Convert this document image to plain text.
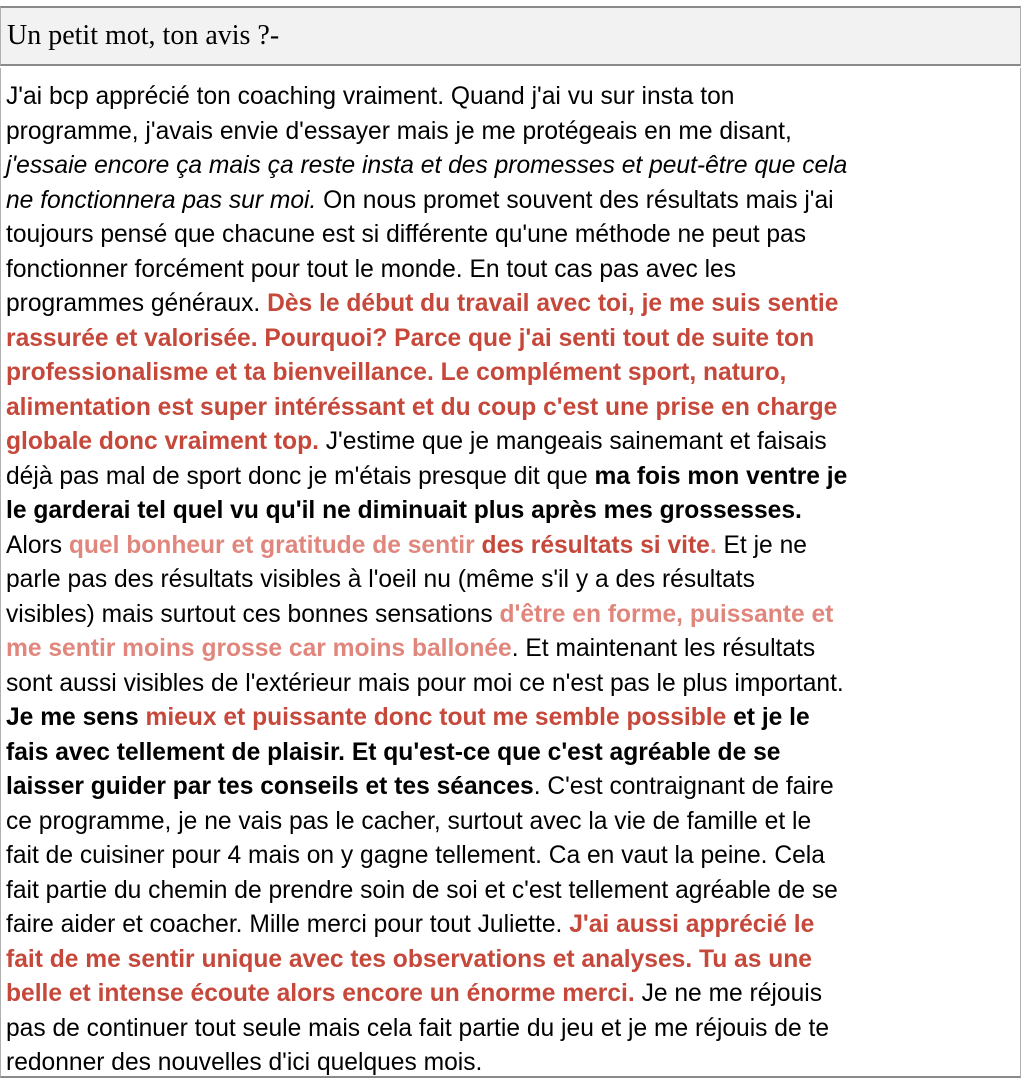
Un petit mot, ton avis ?-
J'ai bcp apprécié ton coaching vraiment. Quand j'ai vu sur insta ton
programme, j'avais envie d'essayer mais je me protégeais en me disant,
j'essaie encore ça mais ça reste insta et des promesses et peut-être que cela
ne fonctionnera pas sur moi. On nous promet souvent des résultats mais j'ai
toujours pensé que chacune est si différente qu'une méthode ne peut pas
fonctionner forcément pour tout le monde. En tout cas pas avec les
programmes généraux. Dès le début du travail avec toi, je me suis sentie
rassurée et valorisée. Pourquoi? Parce que j'ai senti tout de suite ton
professionalisme et ta bienveillance. Le complément sport, naturo,
alimentation est super intéréssant et du coup c'est une prise en charge
globale donc vraiment top. J'estime que je mangeais sainemant et faisais
déjà pas mal de sport donc je m'étais presque dit que ma fois mon ventre je
le garderai tel quel vu qu'il ne diminuait plus après mes grossesses.
Alors quel bonheur et gratitude de sentir des résultats si vite. Et je ne
parle pas des résultats visibles à l'oeil nu (même s'il y a des résultats
visibles) mais surtout ces bonnes sensations d'être en forme, puissante et
me sentir moins grosse car moins ballonée. Et maintenant les résultats
sont aussi visibles de l'extérieur mais pour moi ce n'est pas le plus important.
Je me sens mieux et puissante donc tout me semble possible et je le
fais avec tellement de plaisir. Et qu'est-ce que c'est agréable de se
laisser guider par tes conseils et tes séances. C'est contraignant de faire
ce programme, je ne vais pas le cacher, surtout avec la vie de famille et le
fait de cuisiner pour 4 mais on y gagne tellement. Ca en vaut la peine. Cela
fait partie du chemin de prendre soin de soi et c'est tellement agréable de se
faire aider et coacher. Mille merci pour tout Juliette. J'ai aussi apprécié le
fait de me sentir unique avec tes observations et analyses. Tu as une
belle et intense écoute alors encore un énorme merci. Je ne me réjouis
pas de continuer tout seule mais cela fait partie du jeu et je me réjouis de te
redonner des nouvelles d'ici quelques mois.
